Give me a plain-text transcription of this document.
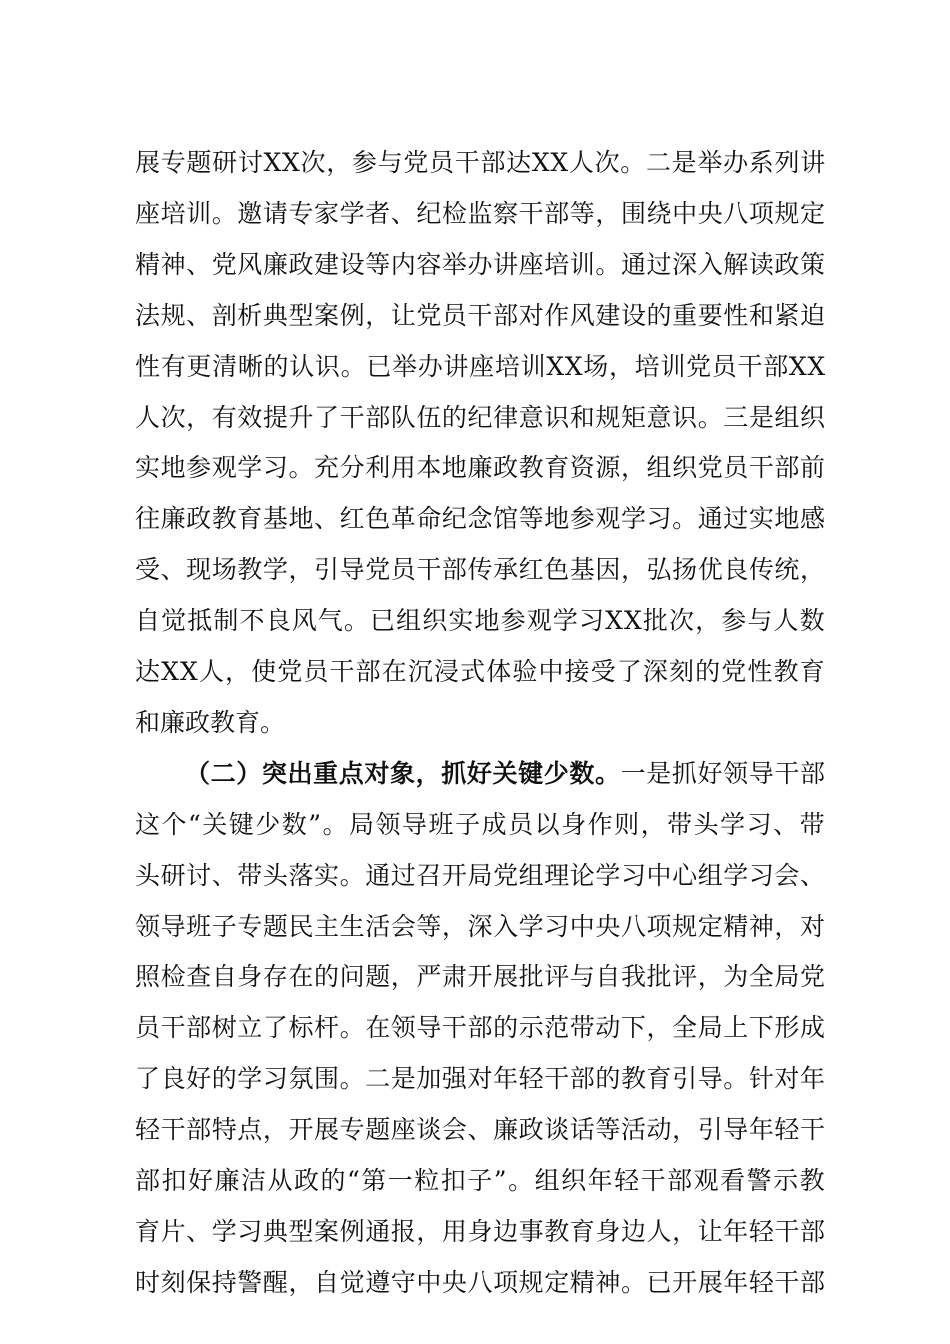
展专题研讨XX次，参与党员干部达XX人次。二是举办系列讲
座培训。邀请专家学者、纪检监察干部等，围绕中央八项规定
精神、党风廉政建设等内容举办讲座培训。通过深入解读政策
法规、剖析典型案例，让党员干部对作风建设的重要性和紧迫
性有更清晰的认识。已举办讲座培训XX场，培训党员干部XX
人次，有效提升了干部队伍的纪律意识和规矩意识。三是组织
实地参观学习。充分利用本地廉政教育资源，组织党员干部前
往廉政教育基地、红色革命纪念馆等地参观学习。通过实地感
受、现场教学，引导党员干部传承红色基因，弘扬优良传统，
自觉抵制不良风气。已组织实地参观学习XX批次，参与人数
达XX人，使党员干部在沉浸式体验中接受了深刻的党性教育
和廉政教育。
（二）突出重点对象，抓好关键少数。一是抓好领导干部
这个“关键少数”。局领导班子成员以身作则，带头学习、带
头研讨、带头落实。通过召开局党组理论学习中心组学习会、
领导班子专题民主生活会等，深入学习中央八项规定精神，对
照检查自身存在的问题，严肃开展批评与自我批评，为全局党
员干部树立了标杆。在领导干部的示范带动下，全局上下形成
了良好的学习氛围。二是加强对年轻干部的教育引导。针对年
轻干部特点，开展专题座谈会、廉政谈话等活动，引导年轻干
部扣好廉洁从政的“第一粒扣子”。组织年轻干部观看警示教
育片、学习典型案例通报，用身边事教育身边人，让年轻干部
时刻保持警醒，自觉遵守中央八项规定精神。已开展年轻干部
